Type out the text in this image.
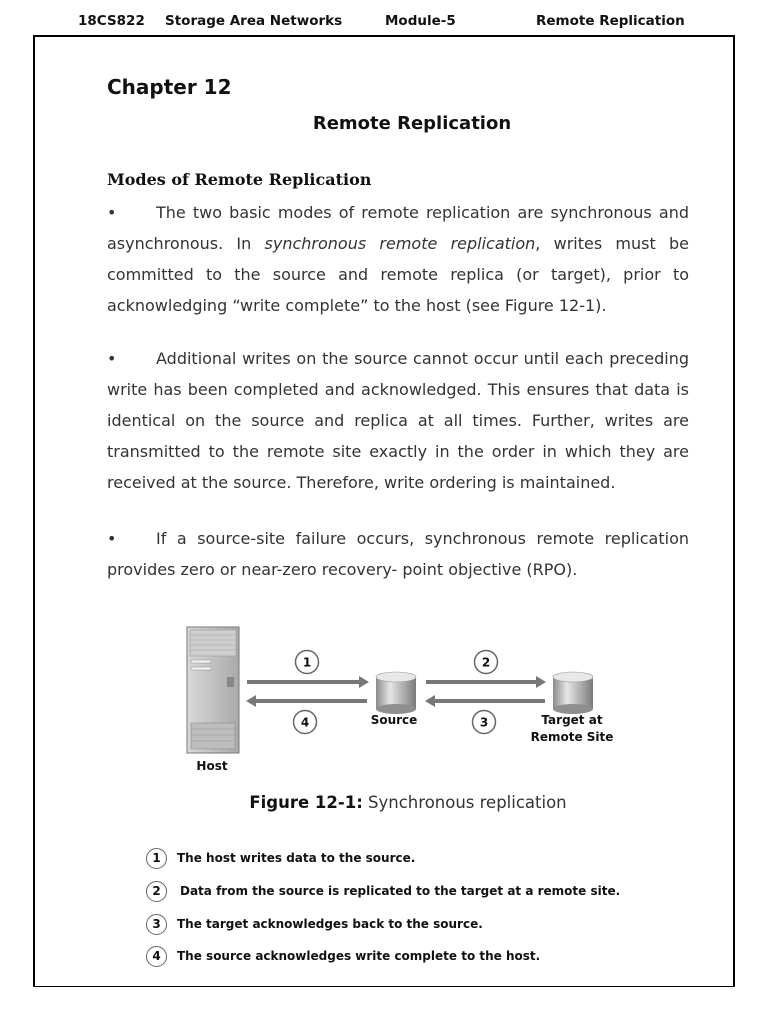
18CS822 Storage Area Networks	Module-5	Remote Replication
Chapter 12
Remote Replication
Modes of Remote Replication
• The two basic modes of remote replication are synchronous and asynchronous. In synchronous remote replication, writes must be committed to the source and remote replica (or target), prior to acknowledging “write complete” to the host (see Figure 12-1).
• Additional writes on the source cannot occur until each preceding write has been completed and acknowledged. This ensures that data is identical on the source and replica at all times. Further, writes are transmitted to the remote site exactly in the order in which they are received at the source. Therefore, write ordering is maintained.
• If a source-site failure occurs, synchronous remote replication provides zero or near-zero recovery- point objective (RPO).
1	2
3
4	Source	Target at
Remote Site
Host
Figure 12-1: Synchronous replication
1	The host writes data to the source.
2	Data from the source is replicated to the target at a remote site.
3	The target acknowledges back to the source.
4	The source acknowledges write complete to the host.
